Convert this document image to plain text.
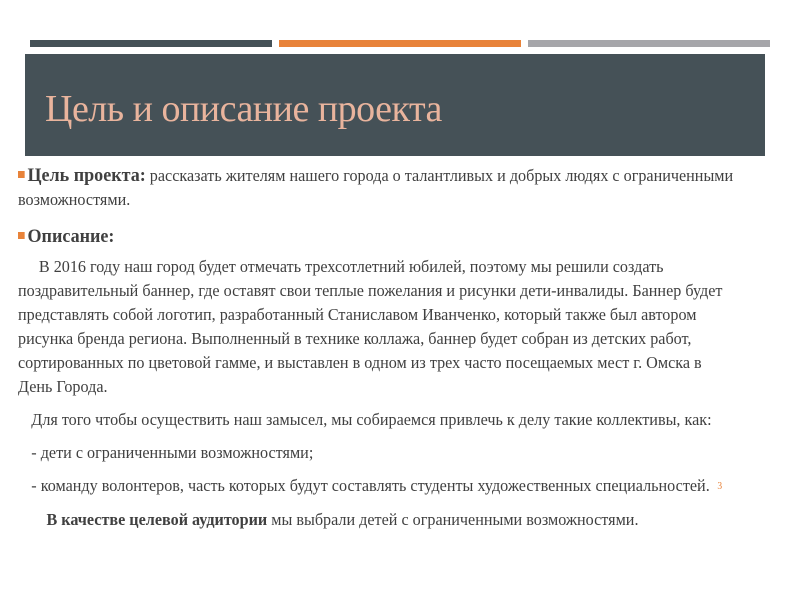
Цель и описание проекта

Цель проекта: рассказать жителям нашего города о талантливых и добрых людях с ограниченными возможностями.

Описание:

В 2016 году наш город будет отмечать трехсотлетний юбилей, поэтому мы решили создать поздравительный баннер, где оставят свои теплые пожелания и рисунки дети-инвалиды. Баннер будет представлять собой логотип, разработанный Станиславом Иванченко, который также был автором рисунка бренда региона. Выполненный в технике коллажа, баннер будет собран из детских работ, сортированных по цветовой гамме, и выставлен в одном из трех часто посещаемых мест г. Омска в День Города.

Для того чтобы осуществить наш замысел, мы собираемся привлечь к делу такие коллективы, как:

- дети с ограниченными возможностями;

- команду волонтеров, часть которых будут составлять студенты художественных специальностей. 3

В качестве целевой аудитории мы выбрали детей с ограниченными возможностями.
